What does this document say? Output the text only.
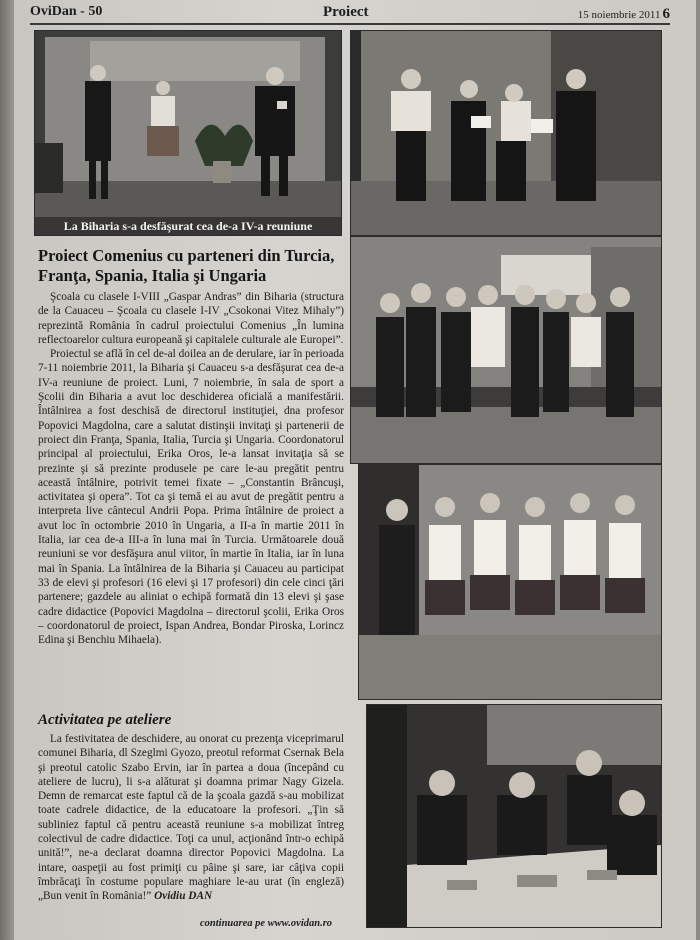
OviDan - 50	Proiect	15 noiembrie 2011 6
La Biharia s-a desfăşurat cea de-a IV-a reuniune
Proiect Comenius cu parteneri din Turcia, Franţa, Spania, Italia şi Ungaria

Şcoala cu clasele I-VIII „Gaspar Andras” din Biharia (structura de la Cauaceu – Şcoala cu clasele I-IV „Csokonai Vitez Mihaly”) reprezintă România în cadrul proiectului Comenius „În lumina reflectoarelor cultura europeană şi capitalele culturale ale Europei”.

Proiectul se află în cel de-al doilea an de derulare, iar în perioada 7-11 noiembrie 2011, la Biharia şi Cauaceu s-a desfăşurat cea de-a IV-a reuniune de proiect. Luni, 7 noiembrie, în sala de sport a Şcolii din Biharia a avut loc deschiderea oficială a manifestării. Întâlnirea a fost deschisă de directorul instituţiei, dna profesor Popovici Magdolna, care a salutat distinşii invitaţi şi partenerii de proiect din Franţa, Spania, Italia, Turcia şi Ungaria. Coordonatorul principal al proiectului, Erika Oros, le-a lansat invitaţia să se prezinte şi să prezinte produsele pe care le-au pregătit pentru această întâlnire, potrivit temei fixate – „Constantin Brâncuşi, activitatea şi opera”. Tot ca şi temă ei au avut de pregătit pentru a interpreta live cântecul Andrii Popa. Prima întâlnire de proiect a avut loc în octombrie 2010 în Ungaria, a II-a în martie 2011 în Italia, iar cea de-a III-a în luna mai în Turcia. Următoarele două reuniuni se vor desfăşura anul viitor, în martie în Italia, iar în luna mai în Spania. La întâlnirea de la Biharia şi Cauaceu au participat 33 de elevi şi profesori (16 elevi şi 17 profesori) din cele cinci ţări partenere; gazdele au aliniat o echipă formată din 13 elevi şi şase cadre didactice (Popovici Magdolna – directorul şcolii, Erika Oros – coordonatorul de proiect, Ispan Andrea, Bondar Piroska, Lorincz Edina şi Benchiu Mihaela).

Activitatea pe ateliere

La festivitatea de deschidere, au onorat cu prezenţa viceprimarul comunei Biharia, dl Szeglmi Gyozo, preotul reformat Csernak Bela şi preotul catolic Szabo Ervin, iar în partea a doua (începând cu ateliere de lucru), li s-a alăturat şi doamna primar Nagy Gizela. Demn de remarcat este faptul că de la şcoala gazdă s-au mobilizat toate cadrele didactice, de la educatoare la profesori. „Ţin să subliniez faptul că pentru această reuniune s-a mobilizat întreg colectivul de cadre didactice. Toţi ca unul, acţionând într-o echipă unită!”, ne-a declarat doamna director Popovici Magdolna. La intare, oaspeţii au fost primiţi cu pâine şi sare, iar câţiva copii îmbrăcaţi în costume populare maghiare le-au urat (în engleză) „Bun venit în România!” Ovidiu DAN

continuarea pe www.ovidan.ro
